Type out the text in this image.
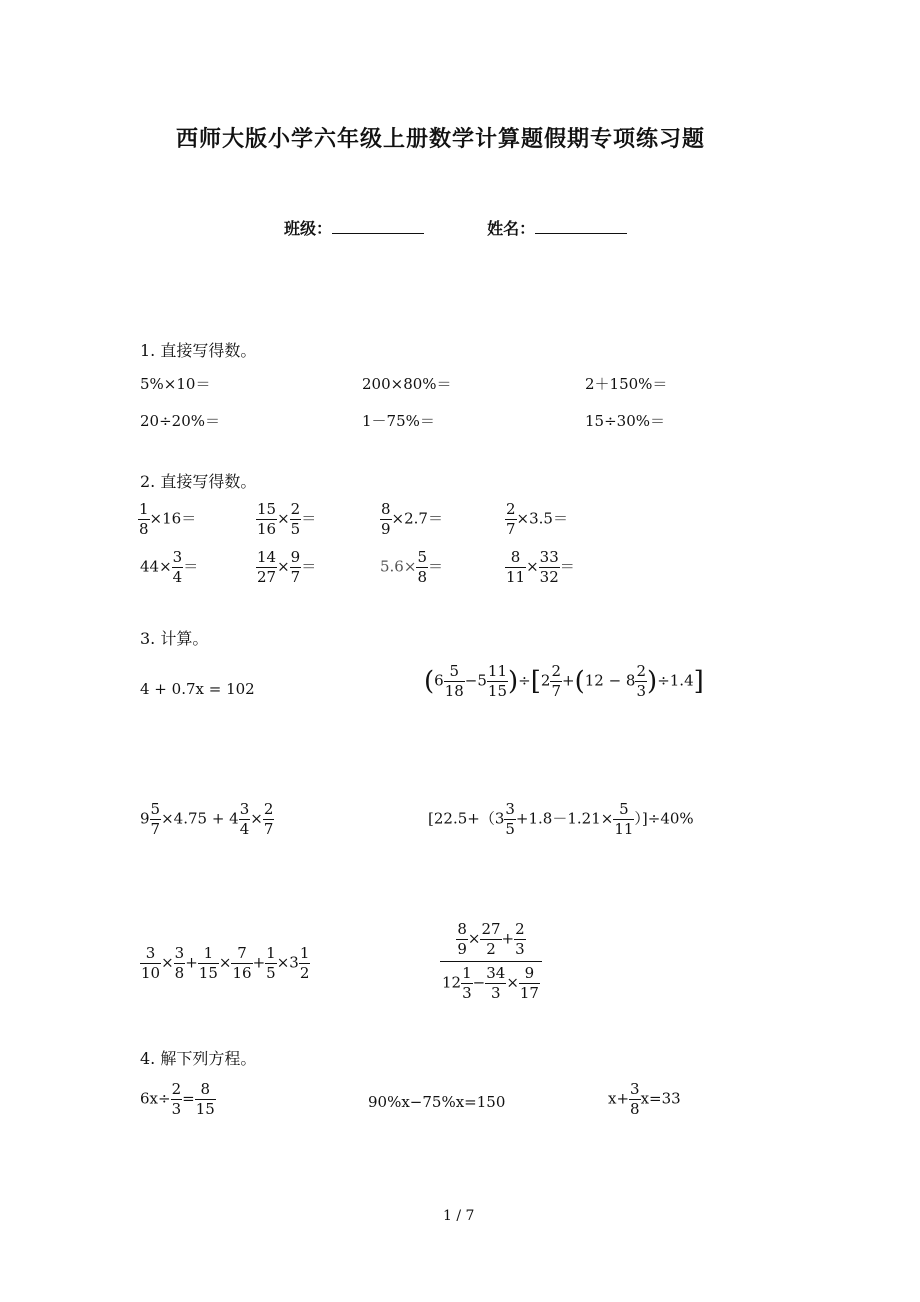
西师大版小学六年级上册数学计算题假期专项练习题
班级：	姓名：
1. 直接写得数。
5%×10＝	200×80%＝	2＋150%＝
20÷20%＝	1－75%＝	15÷30%＝
2. 直接写得数。
$\frac{1}{8} \times 16=$	$\frac{15}{16} \times \frac{2}{5}$ ＝	$\frac{8}{9} \times 2.7=$	$\frac{2}{7} \times 3.5=$
$44\times \frac{3}{4}$ ＝	$\frac{14}{27} \times \frac{9}{7}$ ＝	$5.6\times \frac{5}{8}$ ＝	$\frac{8}{11} \times \frac{33}{32}$ ＝
3. 计算。
4 + 0.7x = 102	$(6 \frac{5}{18} -5 \frac{11}{15} )\div[2 \frac{2}{7} +(12 - 8 \frac{2}{3} )\div 1.4]$
$9 \frac{5}{7} \times 4.75 + 4 \frac{3}{4} \times \frac{2}{7}$	$[22.5+(3 \frac{3}{5} +1.8-1.21\times \frac{5}{11} )]\div 40\%$
$\frac{3}{10} \times \frac{3}{8} + \frac{1}{15} \times \frac{7}{16} + \frac{1}{5} \times 3 \frac{1}{2}$	$\frac{\frac{8}{9} \times \frac{27}{2} + \frac{2}{3}}{12 \frac{1}{3} - \frac{34}{3} \times \frac{9}{17}}$
4. 解下列方程。
$6x\div \frac{2}{3} = \frac{8}{15}$	90%x−75%x=150	$x+ \frac{3}{8} x=33$
1 / 7
